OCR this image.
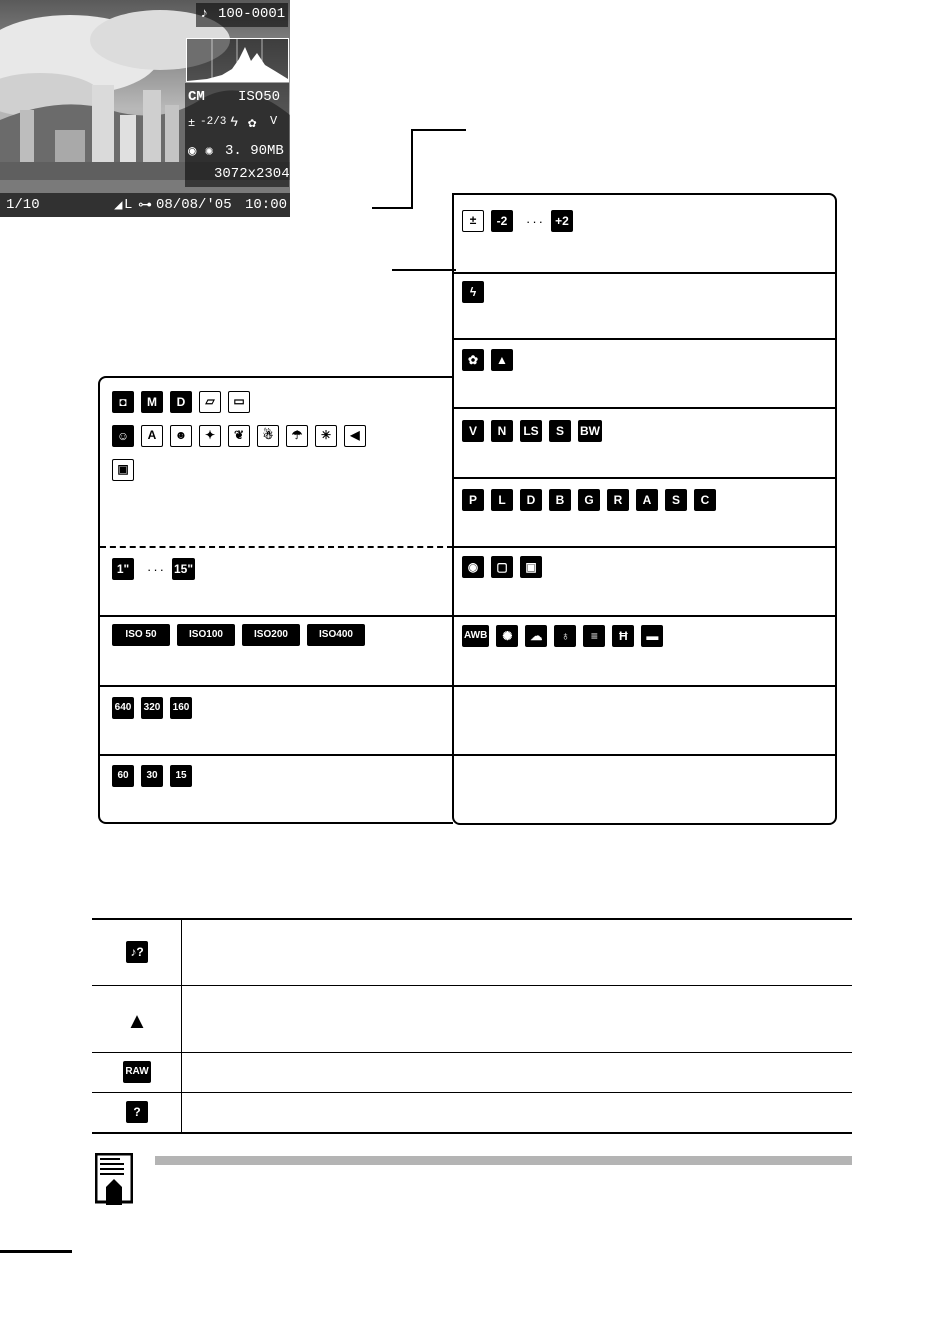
♪ 100-0001
CM ISO50
± -2/3 ϟ ✿ V
◉ ✺ 3. 90MB
3072x2304
1/10	◢ L ⊶ 08/08/'05 10:00
◘ M D ▱ ▭
☺ A ☻ ✦ ❦ ☃ ☂ ✳ ◀
▣
1" ··· 15"
ISO 50	ISO100	ISO200	ISO400
640 320 160
60 30 15
± -2 ··· +2
ϟ
✿ ▲
V N LS S BW
P L D B G R A S C
◉ ▢ ▣
AWB ✺ ☁ ♁ ≡ Ħ ▬
♪?
▲
RAW
?
